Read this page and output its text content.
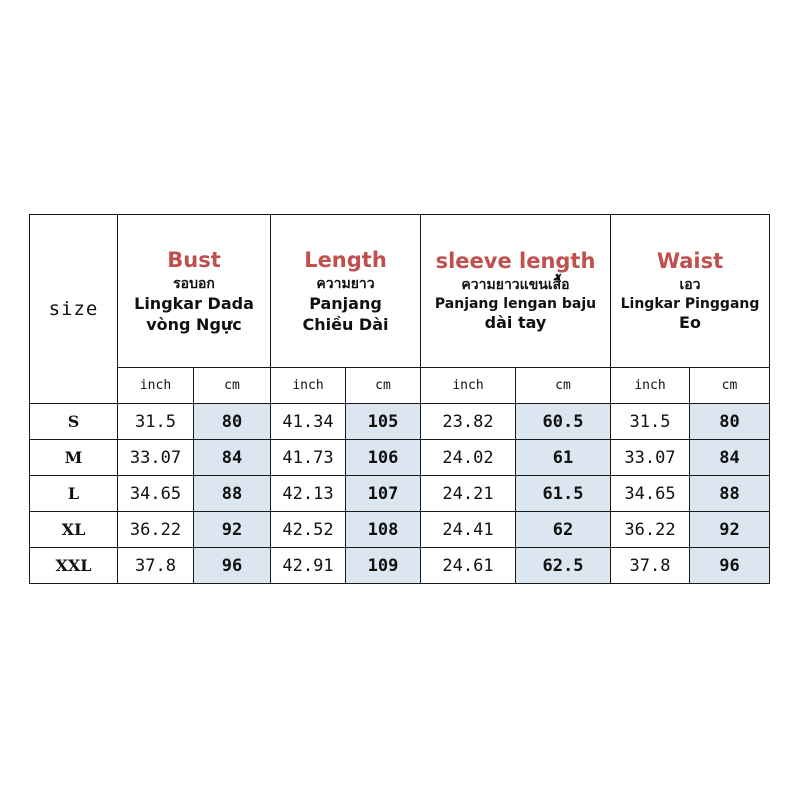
size	Bust
รอบอก
Lingkar Dada
vòng Ngực		Length
ความยาว
Panjang
Chiều Dài		sleeve length
ความยาวแขนเสื้อ
Panjang lengan baju
dài tay		Waist
เอว
Lingkar Pinggang
Eo	

	inch	cm	inch	cm	inch	cm	inch	cm
S	31.5	80	41.34	105	23.82	60.5	31.5	80
M	33.07	84	41.73	106	24.02	61	33.07	84
L	34.65	88	42.13	107	24.21	61.5	34.65	88
XL	36.22	92	42.52	108	24.41	62	36.22	92
XXL	37.8	96	42.91	109	24.61	62.5	37.8	96
